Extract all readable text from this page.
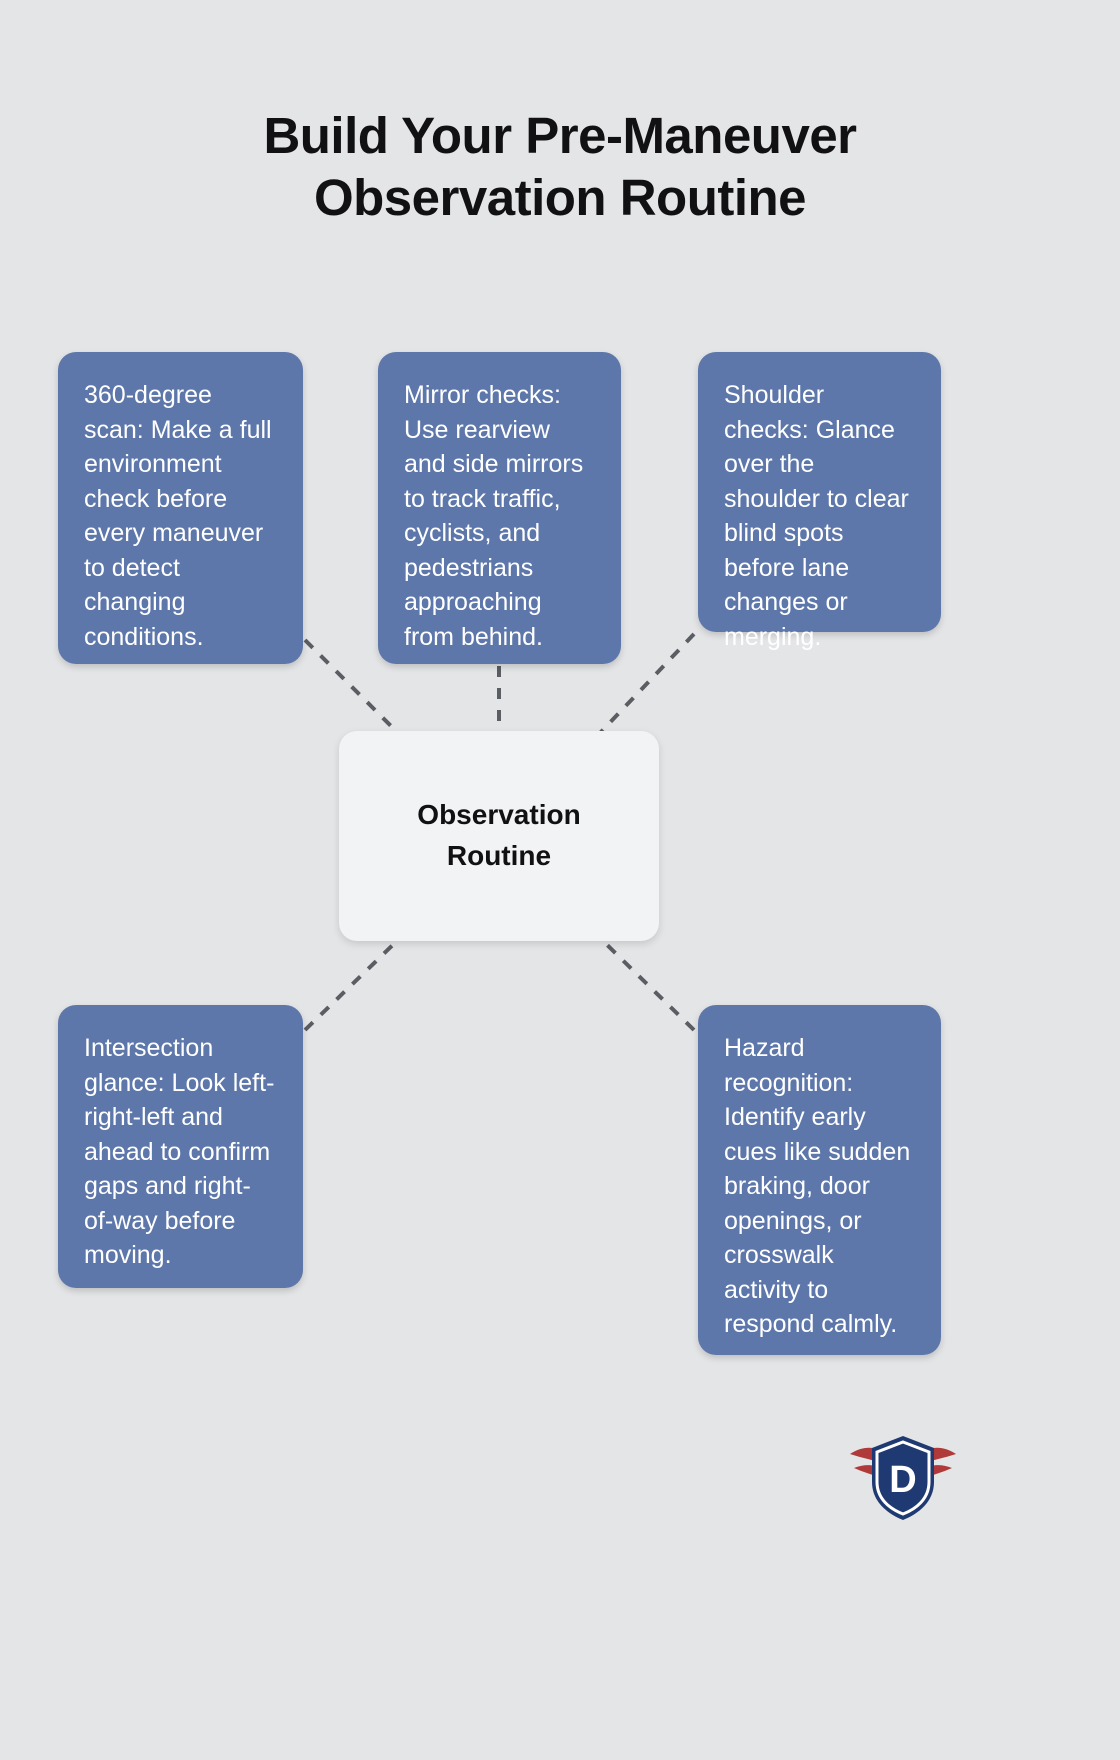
Build Your Pre-Maneuver
Observation Routine
360-degree scan: Make a full environment check before every maneuver to detect changing conditions.
Mirror checks: Use rearview and side mirrors to track traffic, cyclists, and pedestrians approaching from behind.
Shoulder checks: Glance over the shoulder to clear blind spots before lane changes or merging.
Intersection glance: Look left-right-left and ahead to confirm gaps and right-of-way before moving.
Hazard recognition: Identify early cues like sudden braking, door openings, or crosswalk activity to respond calmly.
Observation
Routine
D
